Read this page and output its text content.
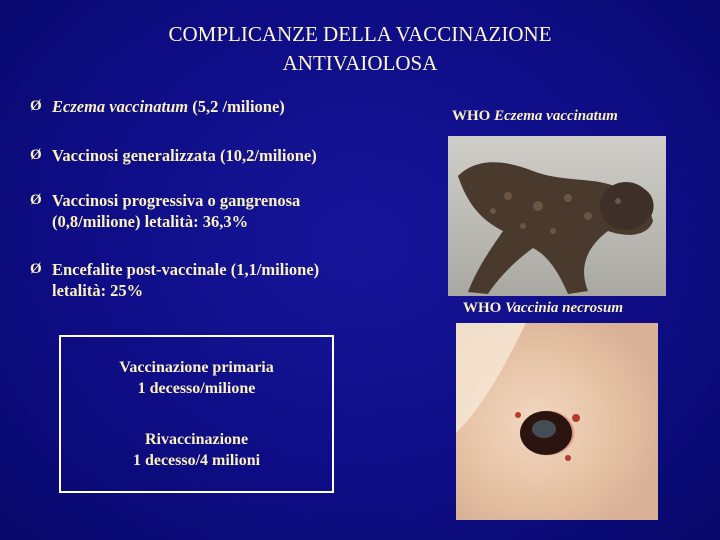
COMPLICANZE DELLA VACCINAZIONE
ANTIVAIOLOSA
Ø Eczema vaccinatum (5,2 /milione)
Ø Vaccinosi generalizzata (10,2/milione)
Ø Vaccinosi progressiva o gangrenosa
(0,8/milione) letalità: 36,3%
Ø Encefalite post-vaccinale (1,1/milione)
letalità: 25%
Vaccinazione primaria
1 decesso/milione
Rivaccinazione
1 decesso/4 milioni
WHO Eczema vaccinatum
WHO Vaccinia necrosum
